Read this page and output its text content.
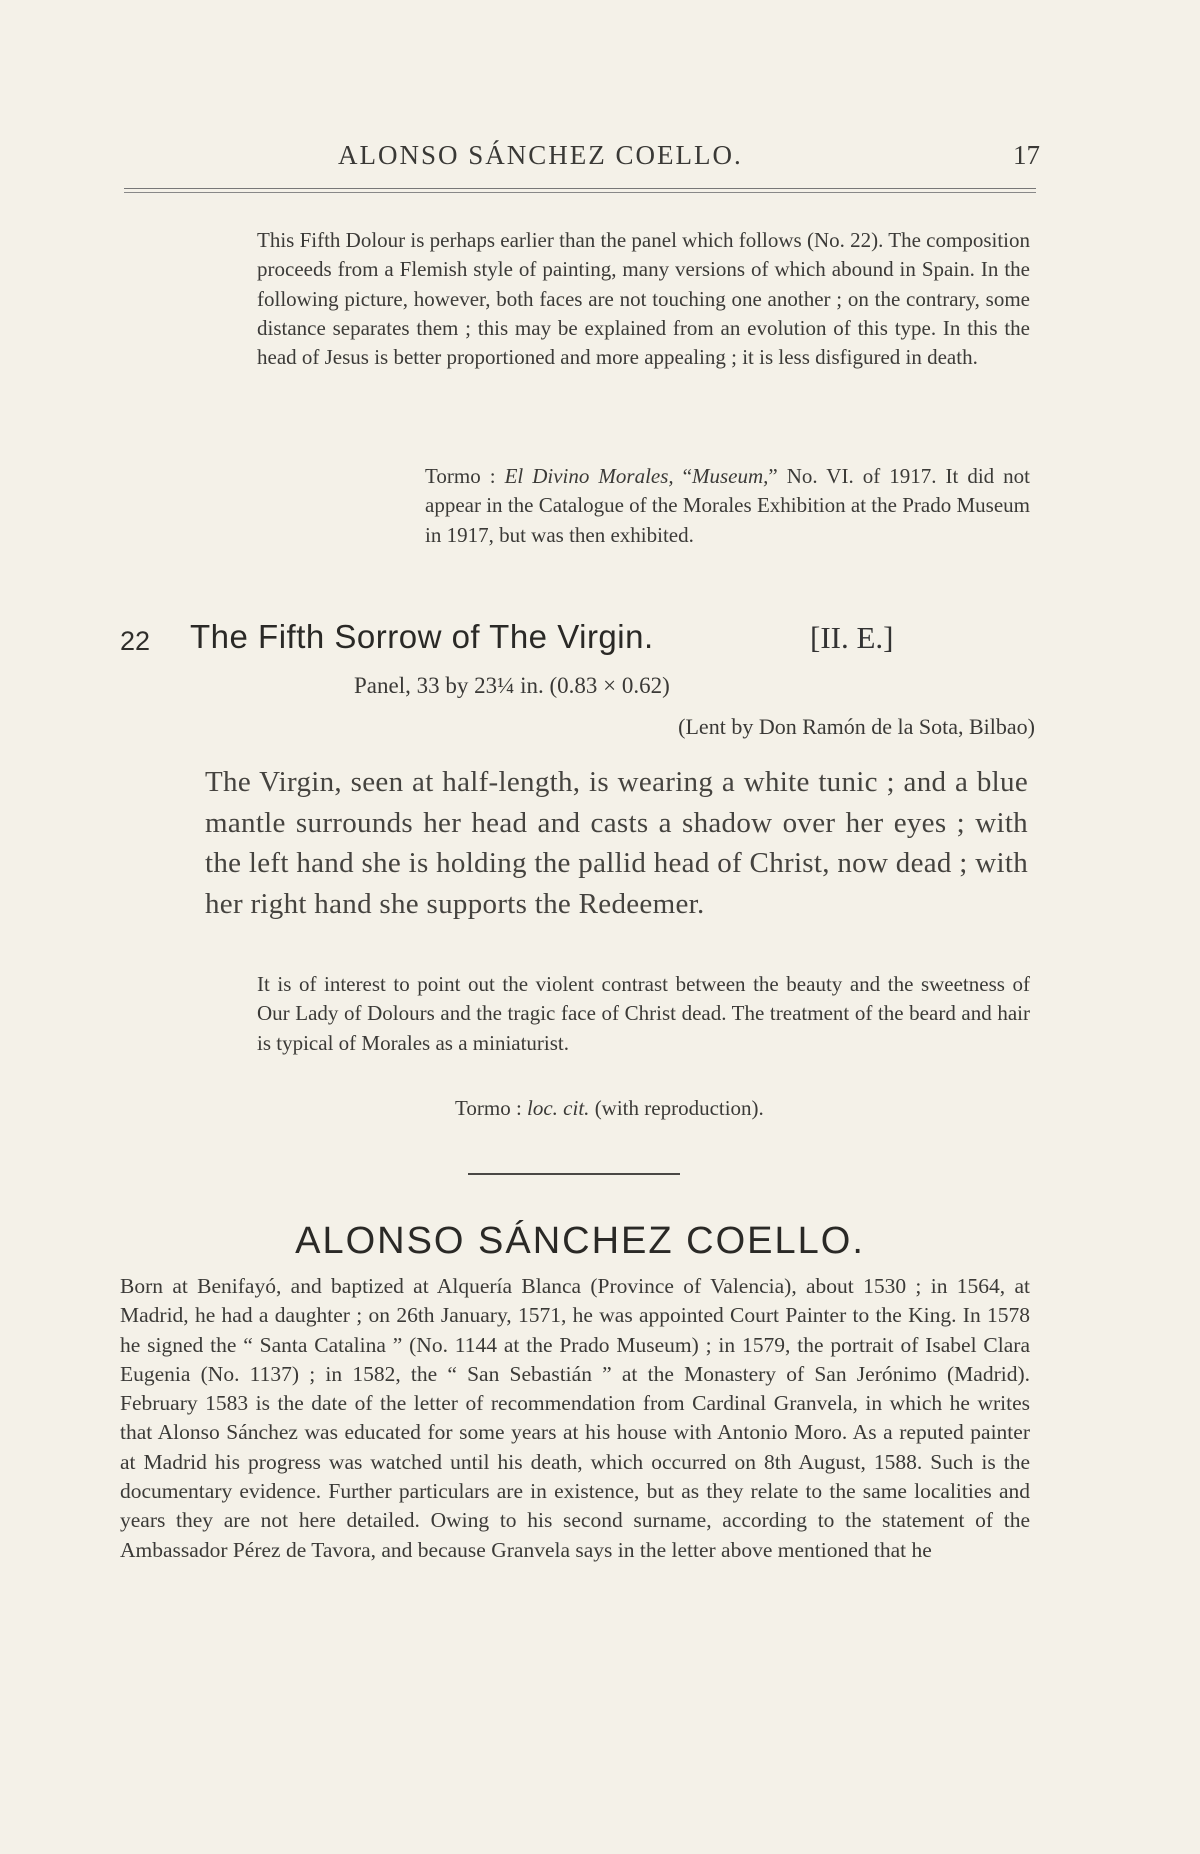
ALONSO SÁNCHEZ COELLO.	17
This Fifth Dolour is perhaps earlier than the panel which follows (No. 22). The composition proceeds from a Flemish style of painting, many versions of which abound in Spain. In the following picture, however, both faces are not touching one another ; on the contrary, some distance separates them ; this may be explained from an evolution of this type. In this the head of Jesus is better proportioned and more appealing ; it is less disfigured in death.
Tormo : El Divino Morales, “Museum,” No. VI. of 1917. It did not appear in the Catalogue of the Morales Exhibition at the Prado Museum in 1917, but was then exhibited.
22 The Fifth Sorrow of The Virgin.	[II. E.]
Panel, 33 by 23¼ in. (0.83 × 0.62)
(Lent by Don Ramón de la Sota, Bilbao)
The Virgin, seen at half-length, is wearing a white tunic ; and a blue mantle surrounds her head and casts a shadow over her eyes ; with the left hand she is holding the pallid head of Christ, now dead ; with her right hand she supports the Redeemer.
It is of interest to point out the violent contrast between the beauty and the sweetness of Our Lady of Dolours and the tragic face of Christ dead. The treatment of the beard and hair is typical of Morales as a miniaturist.
Tormo : loc. cit. (with reproduction).
ALONSO SÁNCHEZ COELLO.
Born at Benifayó, and baptized at Alquería Blanca (Province of Valencia), about 1530 ; in 1564, at Madrid, he had a daughter ; on 26th January, 1571, he was appointed Court Painter to the King. In 1578 he signed the “ Santa Catalina ” (No. 1144 at the Prado Museum) ; in 1579, the portrait of Isabel Clara Eugenia (No. 1137) ; in 1582, the “ San Sebastián ” at the Monastery of San Jerónimo (Madrid). February 1583 is the date of the letter of recommendation from Cardinal Granvela, in which he writes that Alonso Sánchez was educated for some years at his house with Antonio Moro. As a reputed painter at Madrid his progress was watched until his death, which occurred on 8th August, 1588. Such is the documentary evidence. Further particulars are in existence, but as they relate to the same localities and years they are not here detailed. Owing to his second surname, according to the statement of the Ambassador Pérez de Tavora, and because Granvela says in the letter above mentioned that he
